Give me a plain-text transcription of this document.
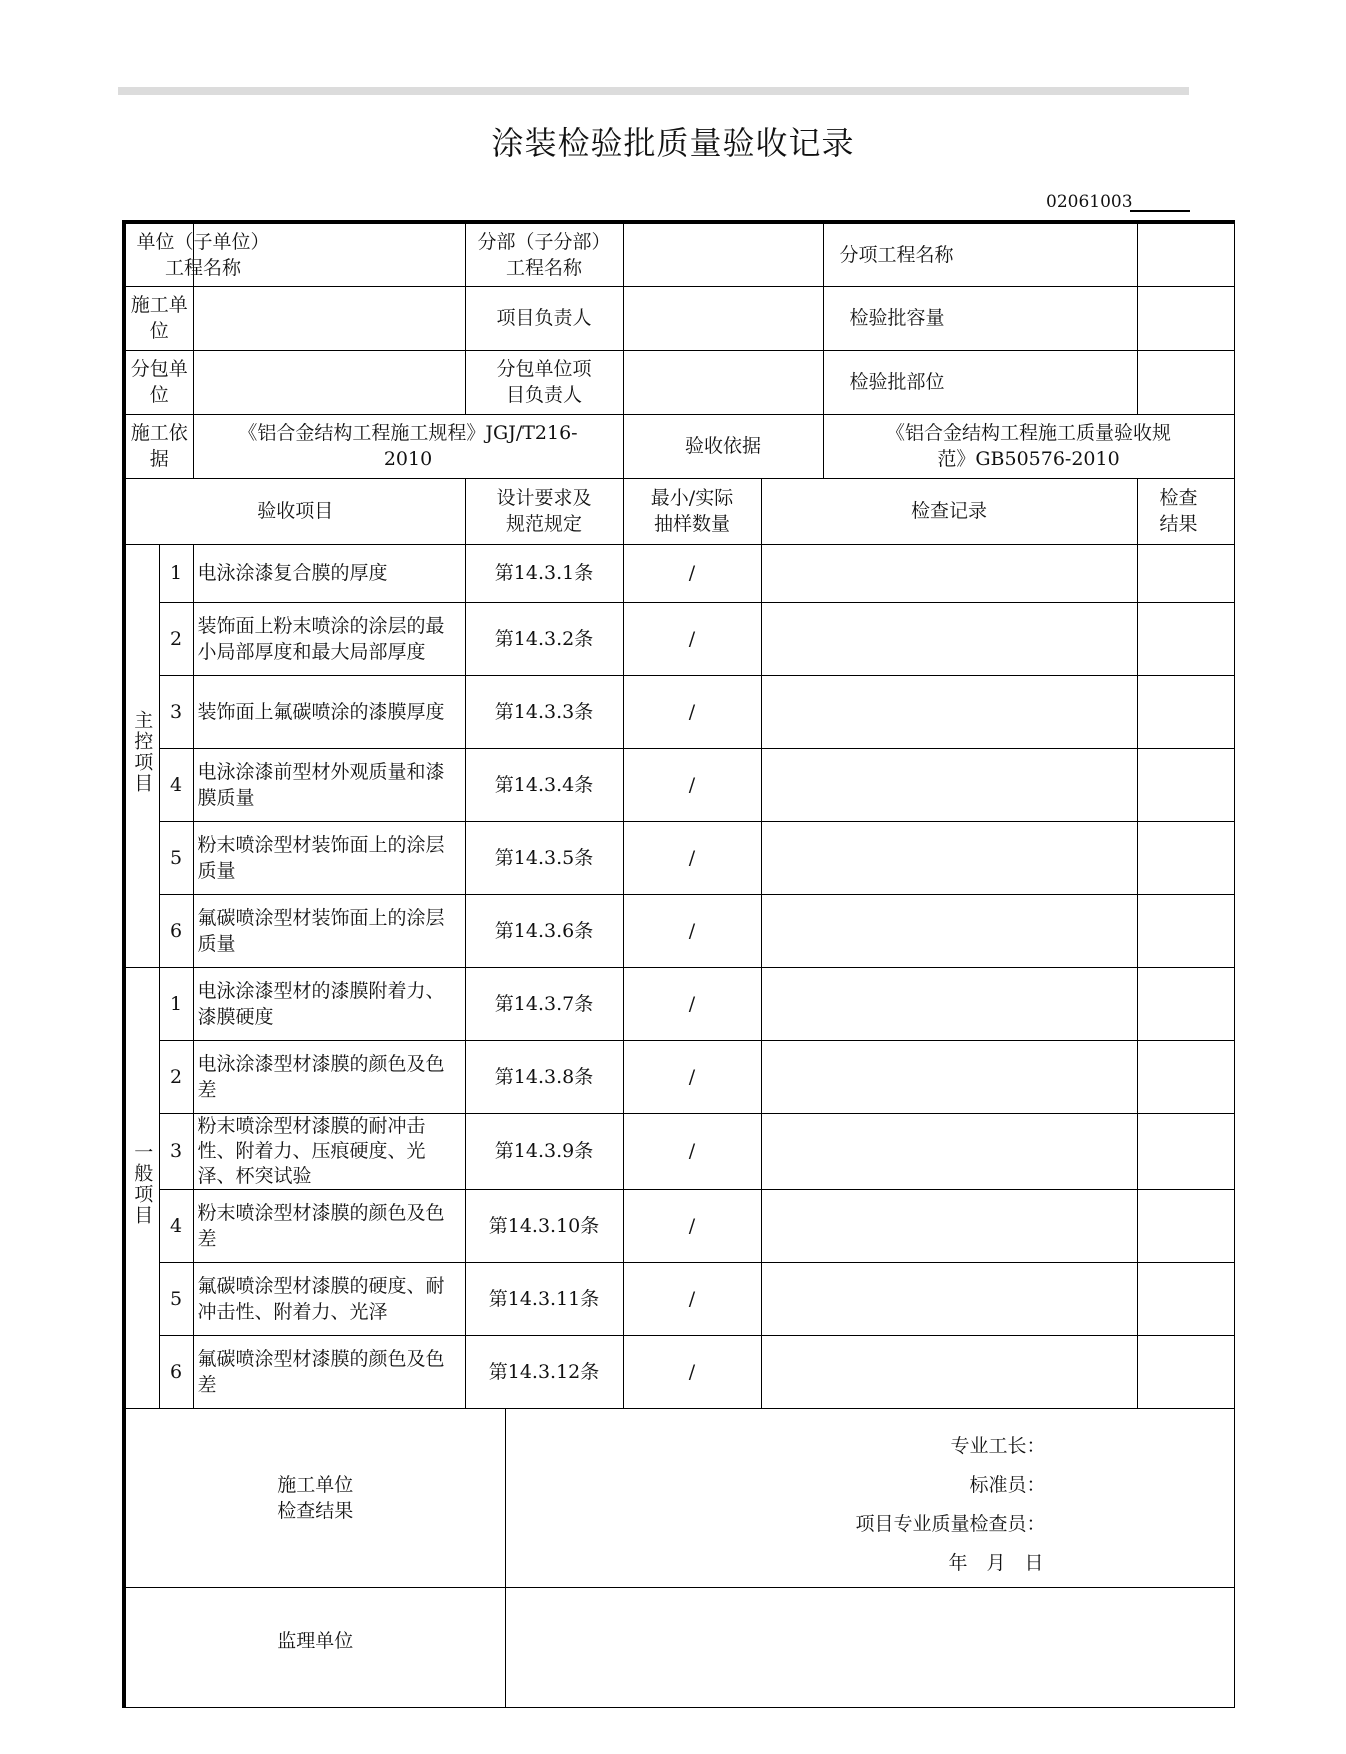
涂装检验批质量验收记录
02061003
单位（子单位）工程名称			分部（子分部）工程名称				分项工程名称	
施工单位			项目负责人				检验批容量	
分包单位			分包单位项目负责人				检验批部位	
施工依据		《铝合金结构工程施工规程》JGJ/T216-2010			验收依据		《铝合金结构工程施工质量验收规范》GB50576-2010	

验收项目			设计要求及规范规定		最小/实际抽样数量	检查记录		检查结果

主控项目	1	电泳涂漆复合膜的厚度	第14.3.1条		/			
	2	装饰面上粉末喷涂的涂层的最小局部厚度和最大局部厚度	第14.3.2条		/			
	3	装饰面上氟碳喷涂的漆膜厚度	第14.3.3条		/			
	4	电泳涂漆前型材外观质量和漆膜质量	第14.3.4条		/			
	5	粉末喷涂型材装饰面上的涂层质量	第14.3.5条		/			
	6	氟碳喷涂型材装饰面上的涂层质量	第14.3.6条		/			
一般项目	1	电泳涂漆型材的漆膜附着力、漆膜硬度	第14.3.7条		/			
	2	电泳涂漆型材漆膜的颜色及色差	第14.3.8条		/			
	3	粉末喷涂型材漆膜的耐冲击性、附着力、压痕硬度、光泽、杯突试验	第14.3.9条		/			
	4	粉末喷涂型材漆膜的颜色及色差	第14.3.10条		/			
	5	氟碳喷涂型材漆膜的硬度、耐冲击性、附着力、光泽	第14.3.11条		/			
	6	氟碳喷涂型材漆膜的颜色及色差	第14.3.12条		/			

施工单位检查结果				专业工长：
标准员：
项目专业质量检查员：
年　月　日				

监理单位								
